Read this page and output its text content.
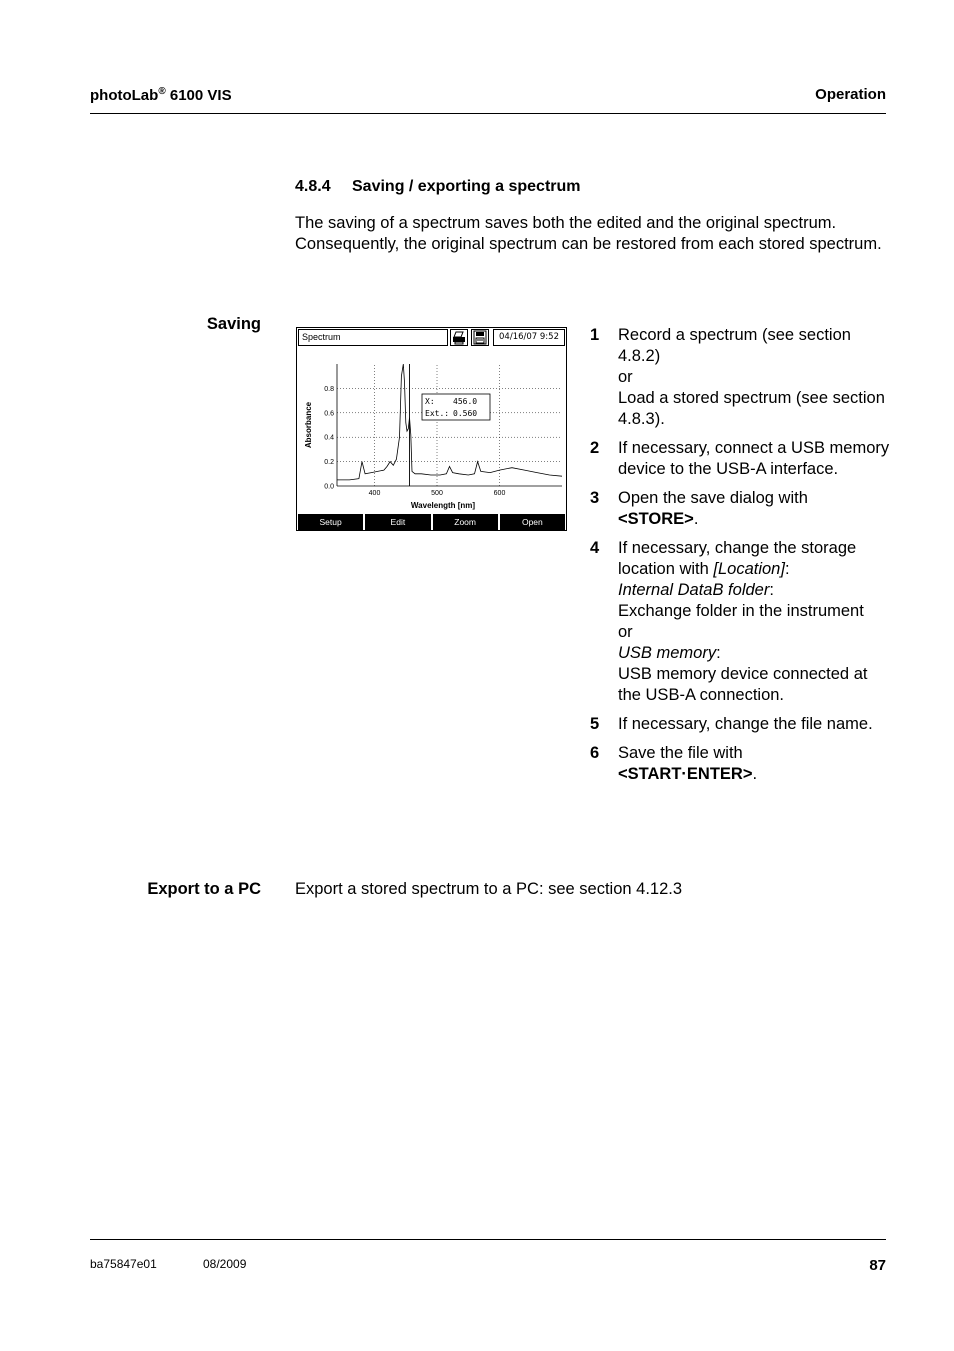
photoLab® 6100 VIS	Operation
4.8.4 Saving / exporting a spectrum
The saving of a spectrum saves both the edited and the original spectrum. Consequently, the original spectrum can be restored from each stored spectrum.
Saving
Export to a PC
Spectrum	04/16/07 9:52
0.0
0.2
0.4
0.6
0.8
400	500	600
X: 456.0
Ext.: 0.560
Absorbance
Wavelength [nm]
Setup	Edit	Zoom	Open
1	Record a spectrum (see section 4.8.2)
or
Load a stored spectrum (see section 4.8.3).
2	If necessary, connect a USB memory device to the USB-A interface.
3	Open the save dialog with
<STORE>.
4	If necessary, change the storage location with [Location]:
Internal DataB folder:
Exchange folder in the instrument
or
USB memory:
USB memory device connected at the USB-A connection.
5	If necessary, change the file name.
6	Save the file with
<START·ENTER>.
Export a stored spectrum to a PC: see section 4.12.3
ba75847e01	08/2009	87
